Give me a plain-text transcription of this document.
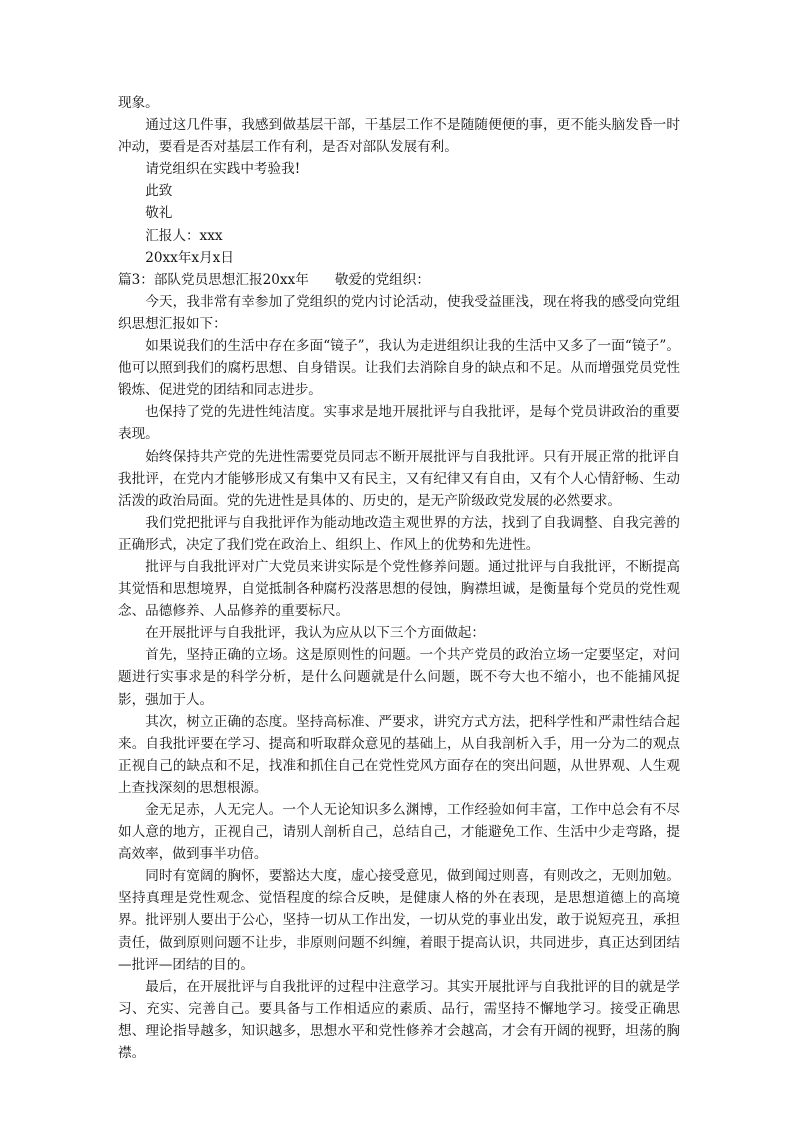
现象。

通过这几件事，我感到做基层干部，干基层工作不是随随便便的事，更不能头脑发昏一时冲动，要看是否对基层工作有利，是否对部队发展有利。

请党组织在实践中考验我!

此致

敬礼

汇报人：xxx

20xx年x月x日

篇3：部队党员思想汇报20xx年 敬爱的党组织：

今天，我非常有幸参加了党组织的党内讨论活动，使我受益匪浅，现在将我的感受向党组织思想汇报如下：

如果说我们的生活中存在多面“镜子”，我认为走进组织让我的生活中又多了一面“镜子”。他可以照到我们的腐朽思想、自身错误。让我们去消除自身的缺点和不足。从而增强党员党性锻炼、促进党的团结和同志进步。

也保持了党的先进性纯洁度。实事求是地开展批评与自我批评，是每个党员讲政治的重要表现。

始终保持共产党的先进性需要党员同志不断开展批评与自我批评。只有开展正常的批评自我批评，在党内才能够形成又有集中又有民主，又有纪律又有自由，又有个人心情舒畅、生动活泼的政治局面。党的先进性是具体的、历史的，是无产阶级政党发展的必然要求。

我们党把批评与自我批评作为能动地改造主观世界的方法，找到了自我调整、自我完善的正确形式，决定了我们党在政治上、组织上、作风上的优势和先进性。

批评与自我批评对广大党员来讲实际是个党性修养问题。通过批评与自我批评，不断提高其觉悟和思想境界，自觉抵制各种腐朽没落思想的侵蚀，胸襟坦诚，是衡量每个党员的党性观念、品德修养、人品修养的重要标尺。

在开展批评与自我批评，我认为应从以下三个方面做起：

首先，坚持正确的立场。这是原则性的问题。一个共产党员的政治立场一定要坚定，对问题进行实事求是的科学分析，是什么问题就是什么问题，既不夸大也不缩小，也不能捕风捉影，强加于人。

其次，树立正确的态度。坚持高标准、严要求，讲究方式方法，把科学性和严肃性结合起来。自我批评要在学习、提高和听取群众意见的基础上，从自我剖析入手，用一分为二的观点正视自己的缺点和不足，找准和抓住自己在党性党风方面存在的突出问题，从世界观、人生观上查找深刻的思想根源。

金无足赤，人无完人。一个人无论知识多么渊博，工作经验如何丰富，工作中总会有不尽如人意的地方，正视自己，请别人剖析自己，总结自己，才能避免工作、生活中少走弯路，提高效率，做到事半功倍。

同时有宽阔的胸怀，要豁达大度，虚心接受意见，做到闻过则喜，有则改之，无则加勉。坚持真理是党性观念、觉悟程度的综合反映，是健康人格的外在表现，是思想道德上的高境界。批评别人要出于公心，坚持一切从工作出发，一切从党的事业出发，敢于说短亮丑，承担责任，做到原则问题不让步，非原则问题不纠缠，着眼于提高认识，共同进步，真正达到团结—批评—团结的目的。

最后，在开展批评与自我批评的过程中注意学习。其实开展批评与自我批评的目的就是学习、充实、完善自己。要具备与工作相适应的素质、品行，需坚持不懈地学习。接受正确思想、理论指导越多，知识越多，思想水平和党性修养才会越高，才会有开阔的视野，坦荡的胸襟。
